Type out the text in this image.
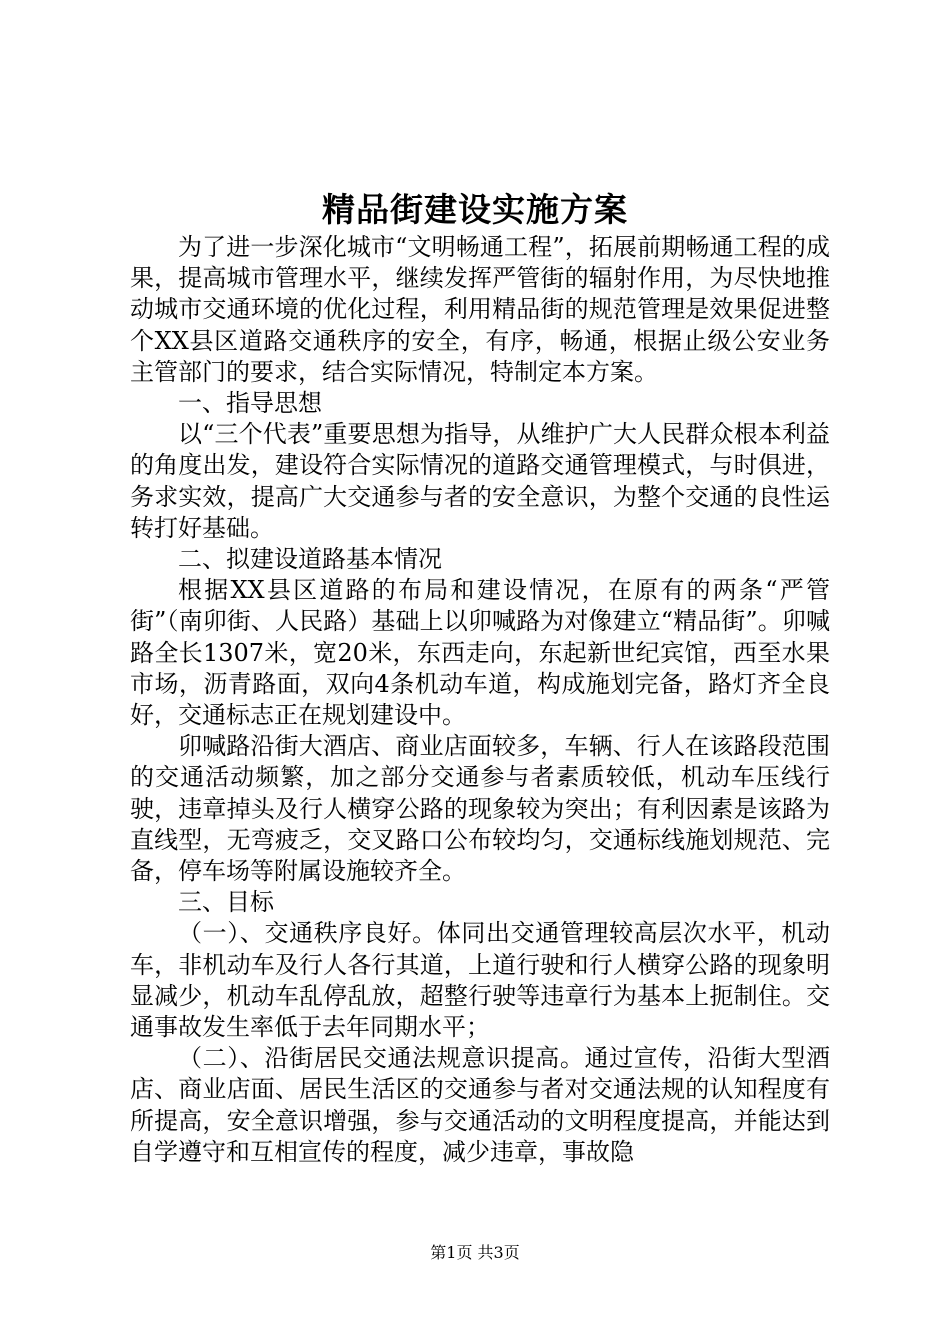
精品街建设实施方案

为了进一步深化城市“文明畅通工程”，拓展前期畅通工程的成果，提高城市管理水平，继续发挥严管街的辐射作用，为尽快地推动城市交通环境的优化过程，利用精品街的规范管理是效果促进整个XX县区道路交通秩序的安全，有序，畅通，根据止级公安业务主管部门的要求，结合实际情况，特制定本方案。

一、指导思想

以“三个代表”重要思想为指导，从维护广大人民群众根本利益的角度出发，建设符合实际情况的道路交通管理模式，与时俱进，务求实效，提高广大交通参与者的安全意识，为整个交通的良性运转打好基础。

二、拟建设道路基本情况

根据XX县区道路的布局和建设情况，在原有的两条“严管街”（南卯街、人民路）基础上以卯喊路为对像建立“精品街”。卯喊路全长1307米，宽20米，东西走向，东起新世纪宾馆，西至水果市场，沥青路面，双向4条机动车道，构成施划完备，路灯齐全良好，交通标志正在规划建设中。

卯喊路沿街大酒店、商业店面较多，车辆、行人在该路段范围的交通活动频繁，加之部分交通参与者素质较低，机动车压线行驶，违章掉头及行人横穿公路的现象较为突出；有利因素是该路为直线型，无弯疲乏，交叉路口公布较均匀，交通标线施划规范、完备，停车场等附属设施较齐全。

三、目标

（一）、交通秩序良好。体同出交通管理较高层次水平，机动车，非机动车及行人各行其道，上道行驶和行人横穿公路的现象明显减少，机动车乱停乱放，超整行驶等违章行为基本上扼制住。交通事故发生率低于去年同期水平；

（二）、沿街居民交通法规意识提高。通过宣传，沿街大型酒店、商业店面、居民生活区的交通参与者对交通法规的认知程度有所提高，安全意识增强，参与交通活动的文明程度提高，并能达到自学遵守和互相宣传的程度，减少违章，事故隐

第1页 共3页
